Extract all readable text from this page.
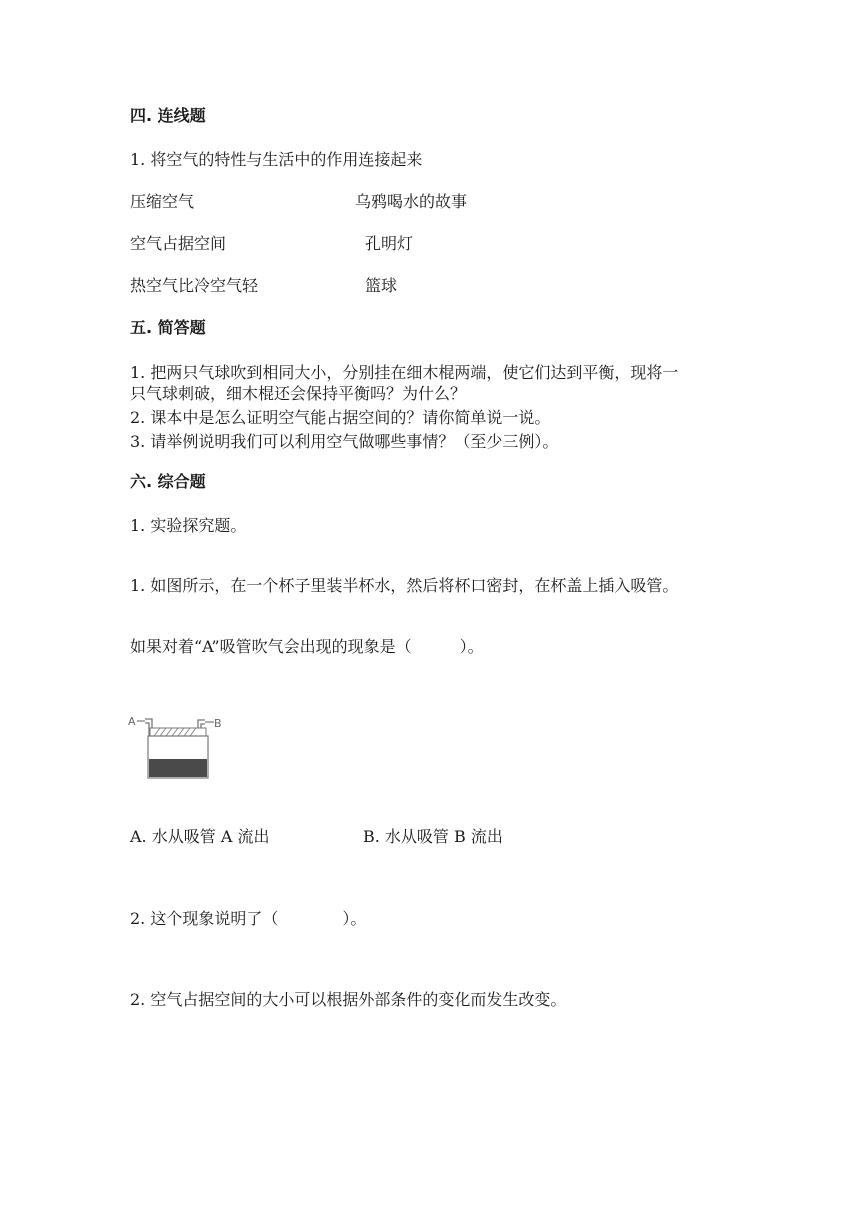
四. 连线题
1. 将空气的特性与生活中的作用连接起来
压缩空气	乌鸦喝水的故事
空气占据空间	孔明灯
热空气比冷空气轻	篮球
五. 简答题
1. 把两只气球吹到相同大小，分别挂在细木棍两端，使它们达到平衡，现将一
只气球刺破，细木棍还会保持平衡吗？为什么？
2. 课本中是怎么证明空气能占据空间的？请你简单说一说。
3. 请举例说明我们可以利用空气做哪些事情？（至少三例）。
六. 综合题
1. 实验探究题。
1. 如图所示，在一个杯子里装半杯水，然后将杯口密封，在杯盖上插入吸管。
如果对着“A”吸管吹气会出现的现象是（　　　）。
A	B
A. 水从吸管 A 流出	B. 水从吸管 B 流出
2. 这个现象说明了（　　　　）。
2. 空气占据空间的大小可以根据外部条件的变化而发生改变。
